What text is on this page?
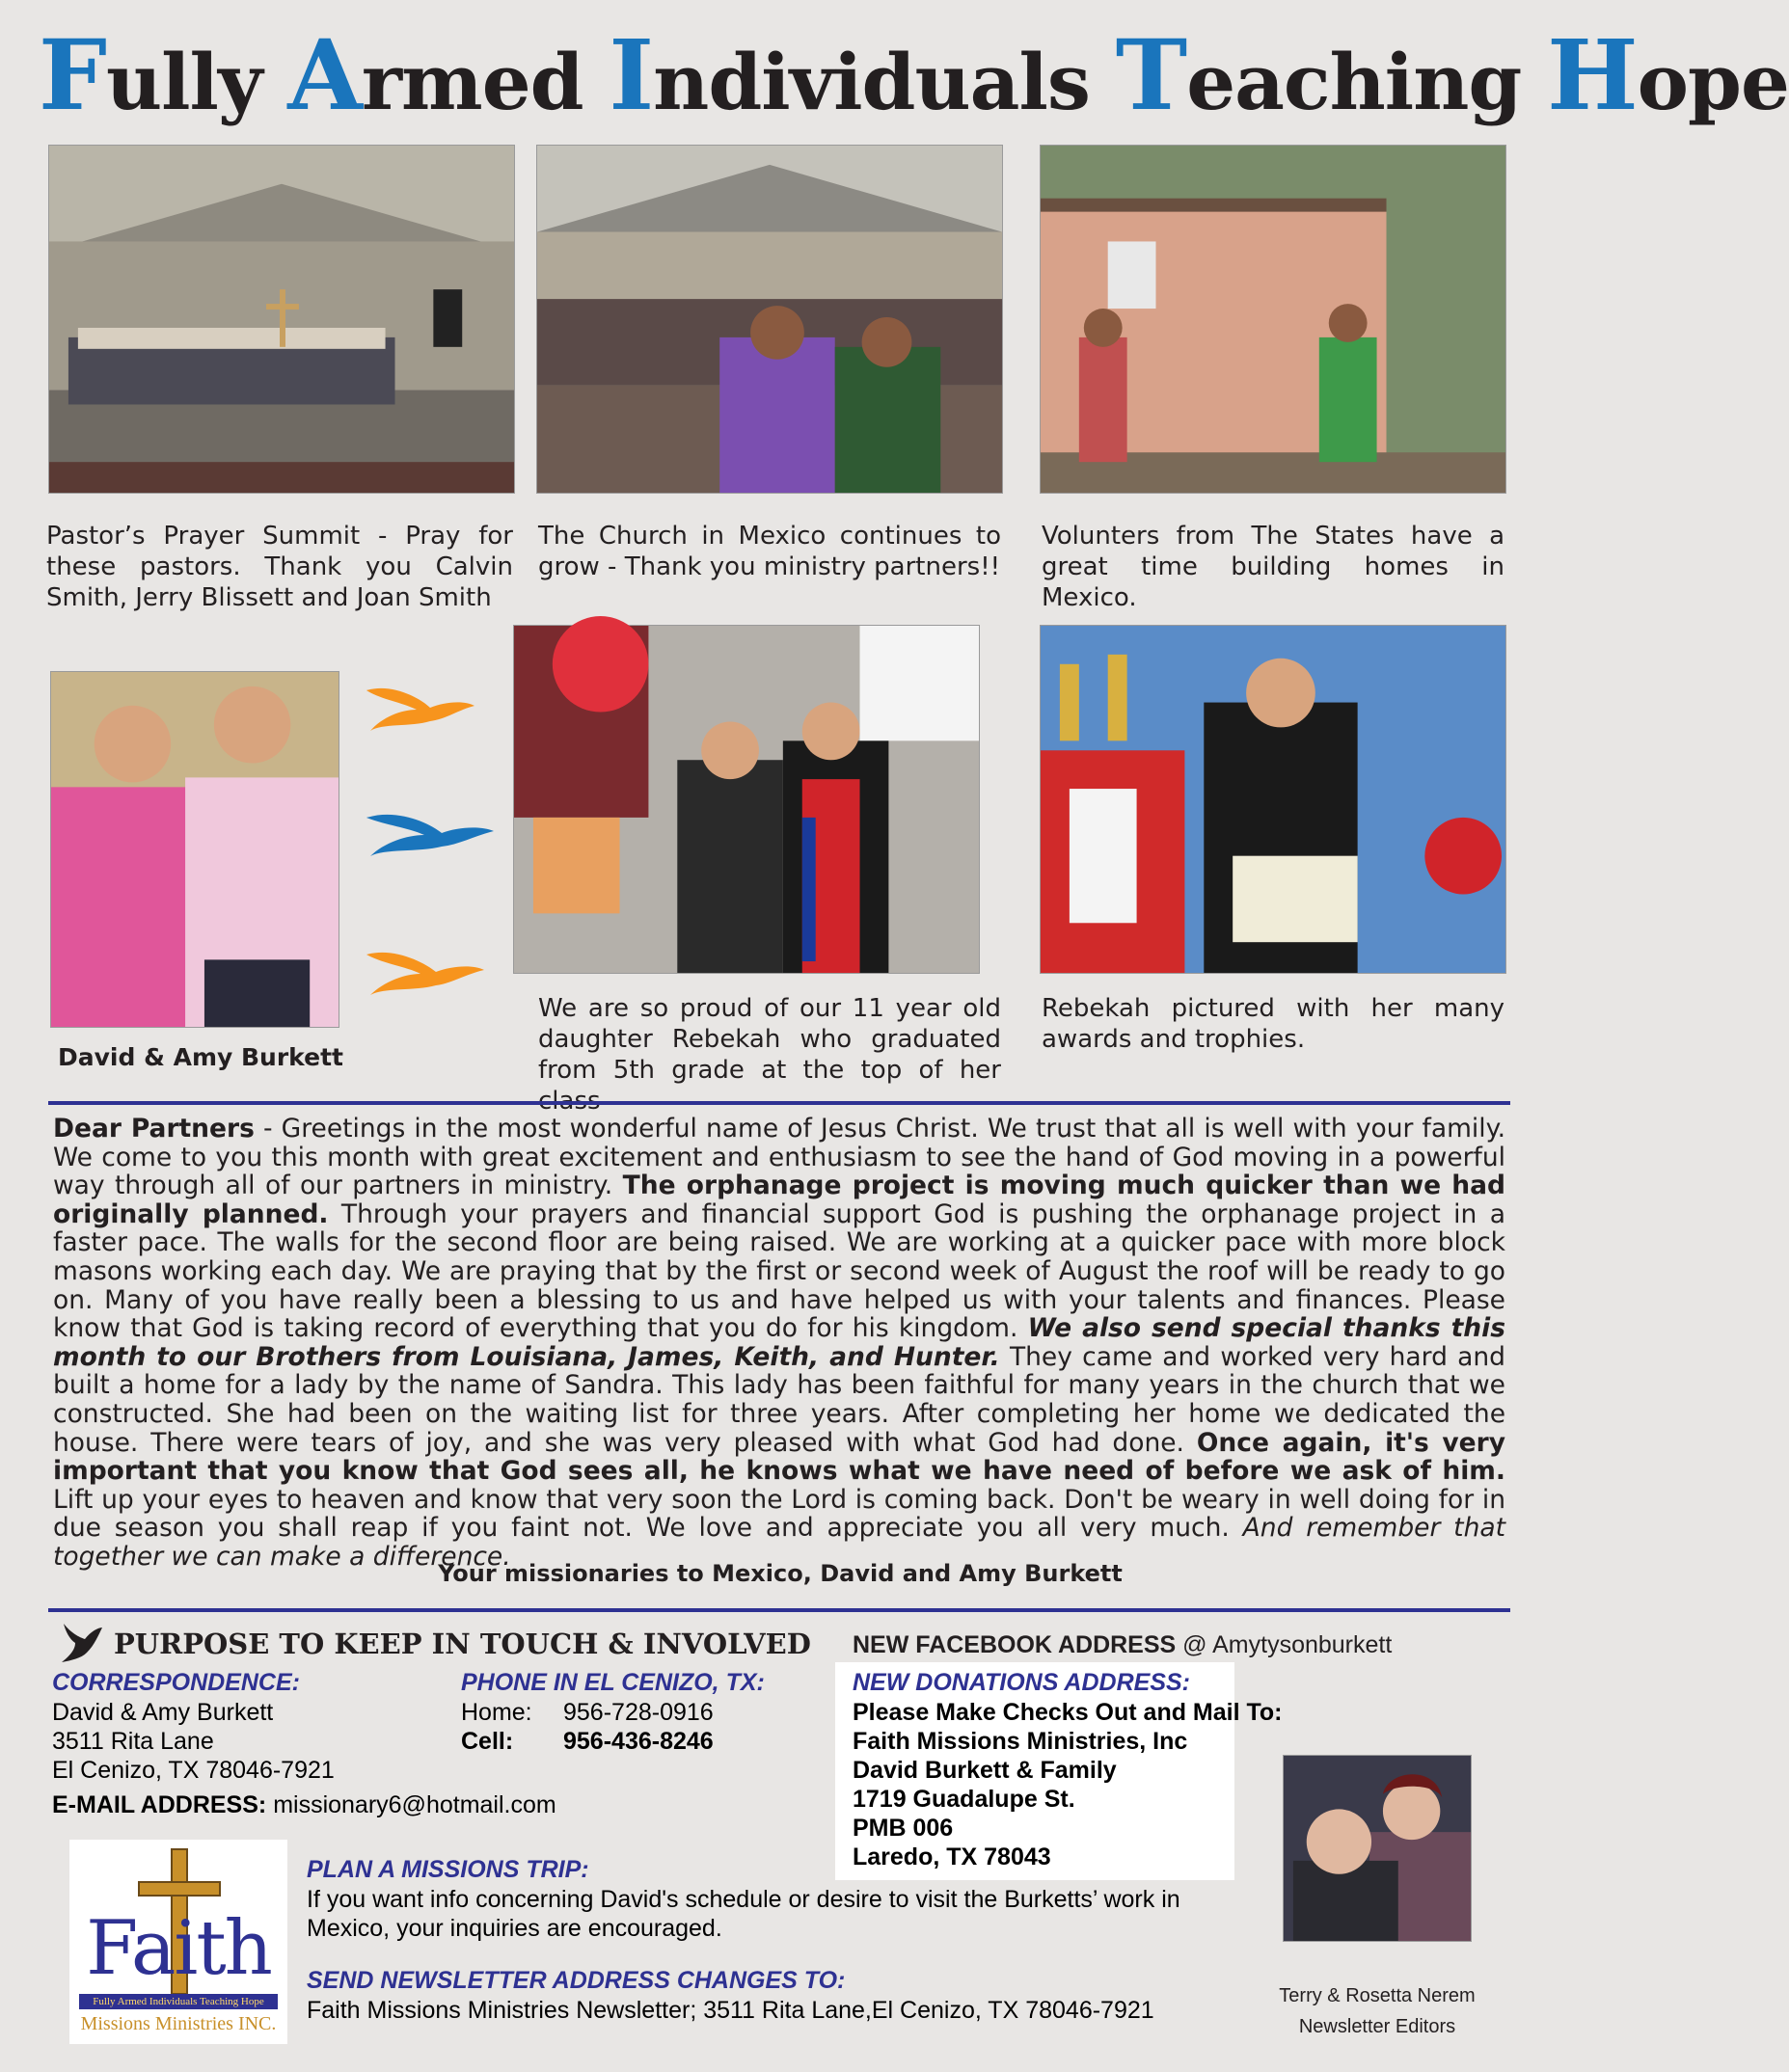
Fully Armed Individuals Teaching Hope
Pastor’s Prayer Summit - Pray for these pastors. Thank you Calvin Smith, Jerry Blissett and Joan Smith
The Church in Mexico continues to grow - Thank you ministry partners!!
Volunters from The States have a great time building homes in Mexico.
David & Amy Burkett
We are so proud of our 11 year old daughter Rebekah who graduated from 5th grade at the top of her
Rebekah pictured with her many awards and trophies.
Dear Partners - Greetings in the most wonderful name of Jesus Christ. We trust that all is well with your family. We come to you this month with great excitement and enthusiasm to see the hand of God moving in a powerful way through all of our partners in ministry. The orphanage project is moving much quicker than we had originally planned. Through your prayers and financial support God is pushing the orphanage project in a faster pace. The walls for the second floor are being raised. We are working at a quicker pace with more block masons working each day. We are praying that by the first or second week of August the roof will be ready to go on. Many of you have really been a blessing to us and have helped us with your talents and finances. Please know that God is taking record of everything that you do for his kingdom. We also send special thanks this month to our Brothers from Louisiana, James, Keith, and Hunter. They came and worked very hard and built a home for a lady by the name of Sandra. This lady has been faithful for many years in the church that we constructed. She had been on the waiting list for three years. After completing her home we dedicated the house. There were tears of joy, and she was very pleased with what God had done. Once again, it's very important that you know that God sees all, he knows what we have need of before we ask of him. Lift up your eyes to heaven and know that very soon the Lord is coming back. Don't be weary in well doing for in due season you shall reap if you faint not. We love and appreciate you all very much. And remember that together we can make a difference.
Your missionaries to Mexico, David and Amy Burkett
PURPOSE TO KEEP IN TOUCH & INVOLVED NEW FACEBOOK ADDRESS @ Amytysonburkett
CORRESPONDENCE:
David & Amy Burkett
3511 Rita Lane
El Cenizo, TX 78046-7921
E-MAIL ADDRESS: missionary6@hotmail.com
PHONE IN EL CENIZO, TX:
Home: 956-728-0916
Cell: 956-436-8246
NEW DONATIONS ADDRESS:
Please Make Checks Out and Mail To:
Faith Missions Ministries, Inc
David Burkett & Family
1719 Guadalupe St.
PMB 006
Laredo, TX 78043
Faith
Fully Armed Individuals Teaching Hope
Missions Ministries INC.
PLAN A MISSIONS TRIP:
If you want info concerning David's schedule or desire to visit the Burketts’ work in Mexico, your inquiries are encouraged.
SEND NEWSLETTER ADDRESS CHANGES TO:
Faith Missions Ministries Newsletter; 3511 Rita Lane,El Cenizo, TX 78046-7921
Terry & Rosetta Nerem
Newsletter Editors
